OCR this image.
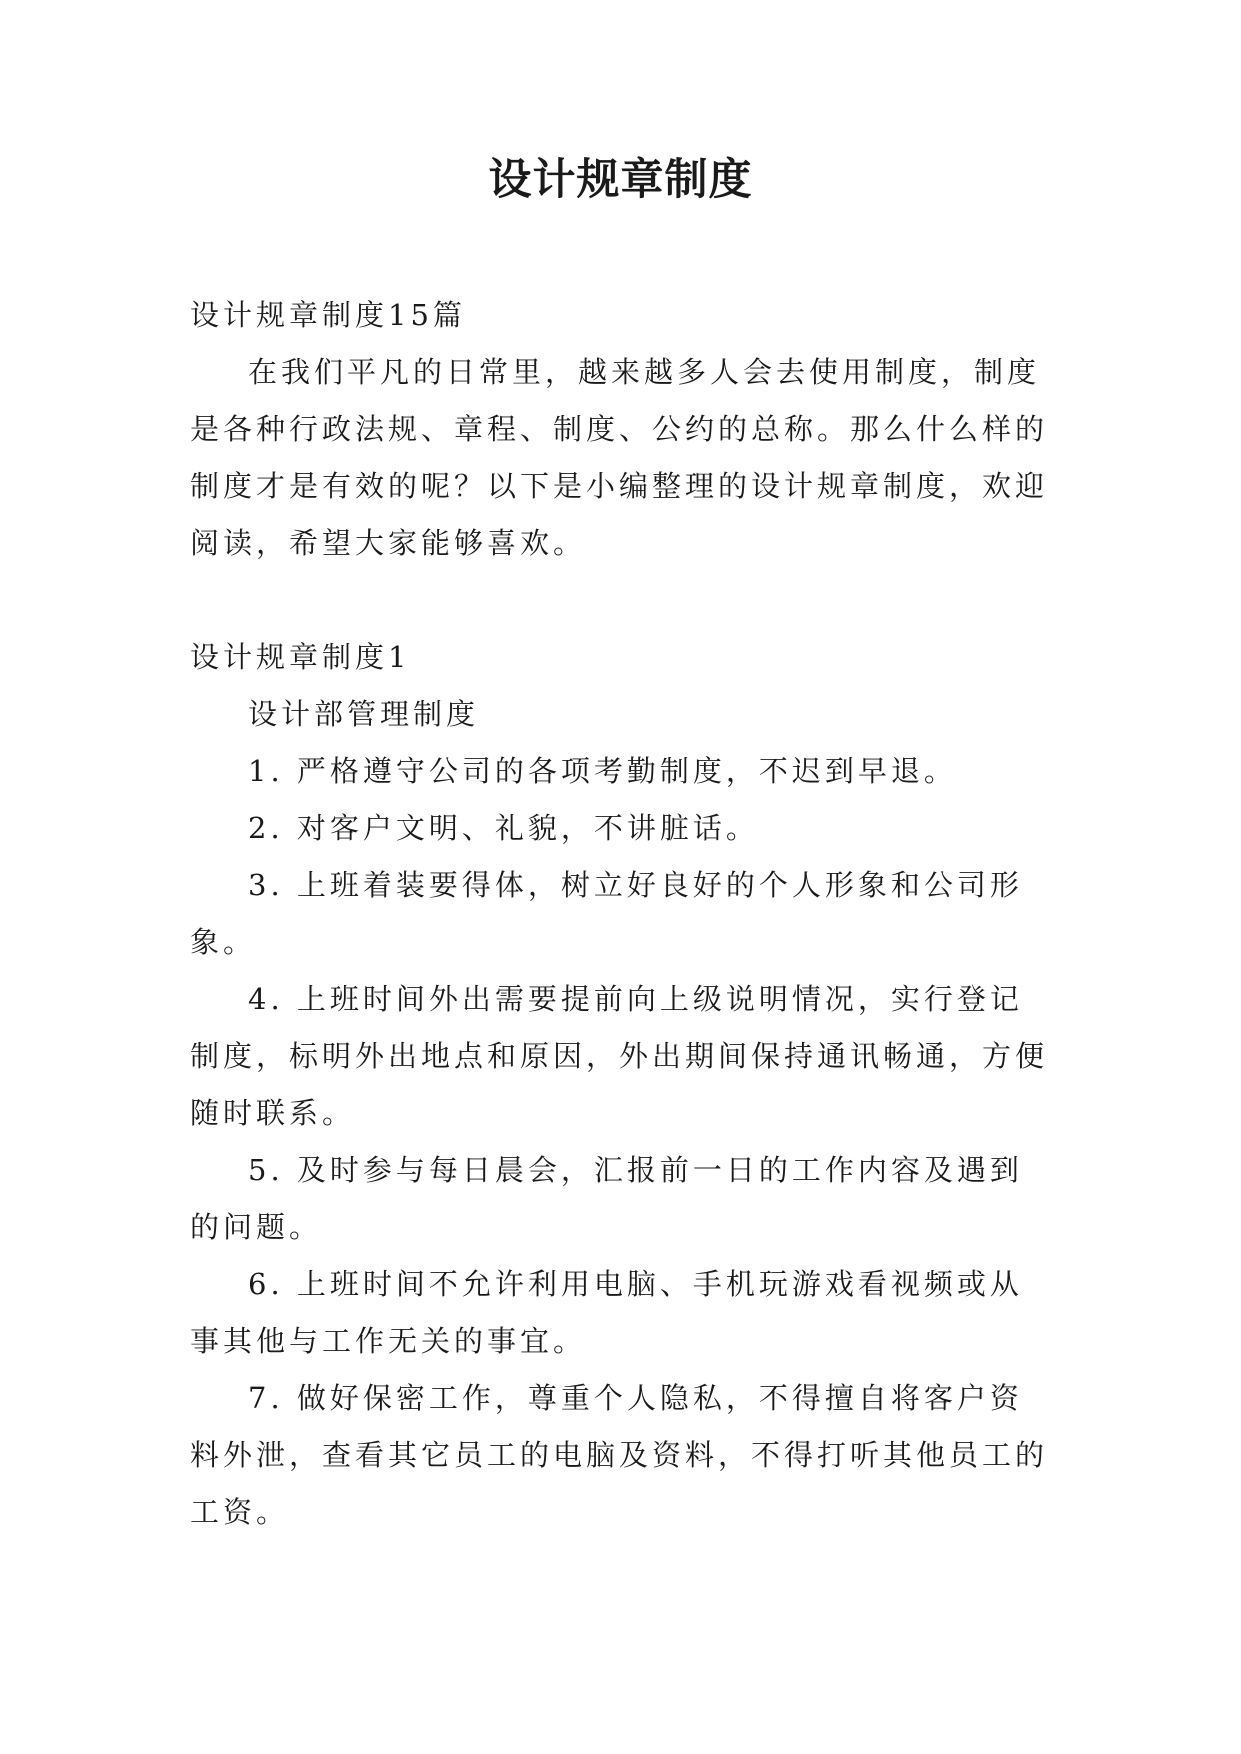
设计规章制度

设计规章制度15篇

在我们平凡的日常里，越来越多人会去使用制度，制度是各种行政法规、章程、制度、公约的总称。那么什么样的制度才是有效的呢？以下是小编整理的设计规章制度，欢迎阅读，希望大家能够喜欢。

设计规章制度1

设计部管理制度

1. 严格遵守公司的各项考勤制度，不迟到早退。

2. 对客户文明、礼貌，不讲脏话。

3. 上班着装要得体，树立好良好的个人形象和公司形象。

4. 上班时间外出需要提前向上级说明情况，实行登记制度，标明外出地点和原因，外出期间保持通讯畅通，方便随时联系。

5. 及时参与每日晨会，汇报前一日的工作内容及遇到的问题。

6. 上班时间不允许利用电脑、手机玩游戏看视频或从事其他与工作无关的事宜。

7. 做好保密工作，尊重个人隐私，不得擅自将客户资料外泄，查看其它员工的电脑及资料，不得打听其他员工的工资。
